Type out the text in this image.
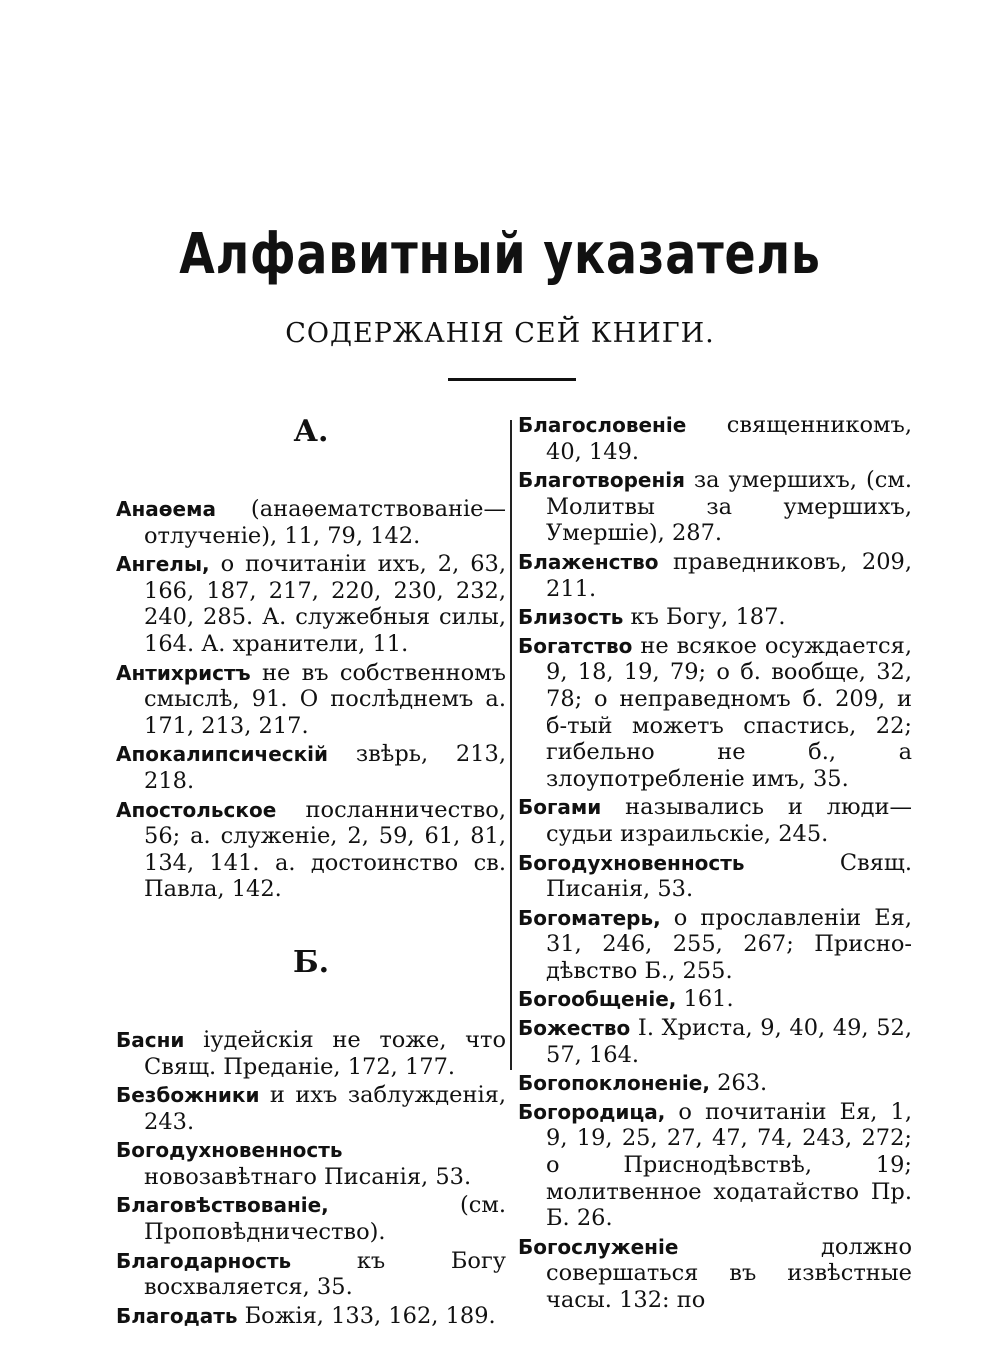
Алфавитный указатель
СОДЕРЖАНІЯ СЕЙ КНИГИ.
А.
Анаѳема (анаѳематствованіе—отлученіе), 11, 79, 142.
Ангелы, о почитаніи ихъ, 2, 63, 166, 187, 217, 220, 230, 232, 240, 285. А. служебныя силы, 164. А. хранители, 11.
Антихристъ не въ собственномъ смыслѣ, 91. О послѣднемъ а. 171, 213, 217.
Апокалипсическій звѣрь, 213, 218.
Апостольское посланничество, 56; а. служеніе, 2, 59, 61, 81, 134, 141. а. достоинство св. Павла, 142.
Б.
Басни іудейскія не тоже, что Свящ. Преданіе, 172, 177.
Безбожники и ихъ заблужденія, 243.
Богодухновенность новозавѣтнаго Писанія, 53.
Благовѣствованіе, (см. Проповѣдничество).
Благодарность къ Богу восхваляется, 35.
Благодать Божія, 133, 162, 189.
Благословеніе священникомъ, 40, 149.
Благотворенія за умершихъ, (см. Молитвы за умершихъ, Умершіе), 287.
Блаженство праведниковъ, 209, 211.
Близость къ Богу, 187.
Богатство не всякое осуждается, 9, 18, 19, 79; о б. вообще, 32, 78; о неправедномъ б. 209, и б-тый можетъ спастись, 22; гибельно не б., а злоупотребленіе имъ, 35.
Богами назывались и люди—судьи израильскіе, 245.
Богодухновенность Свящ. Писанія, 53.
Богоматерь, о прославленіи Ея, 31, 246, 255, 267; Присно-дѣвство Б., 255.
Богообщеніе, 161.
Божество І. Христа, 9, 40, 49, 52, 57, 164.
Богопоклоненіе, 263.
Богородица, о почитаніи Ея, 1, 9, 19, 25, 27, 47, 74, 243, 272; о Приснодѣвствѣ, 19; молитвенное ходатайство Пр. Б. 26.
Богослуженіе должно совершаться въ извѣстные часы. 132: по
